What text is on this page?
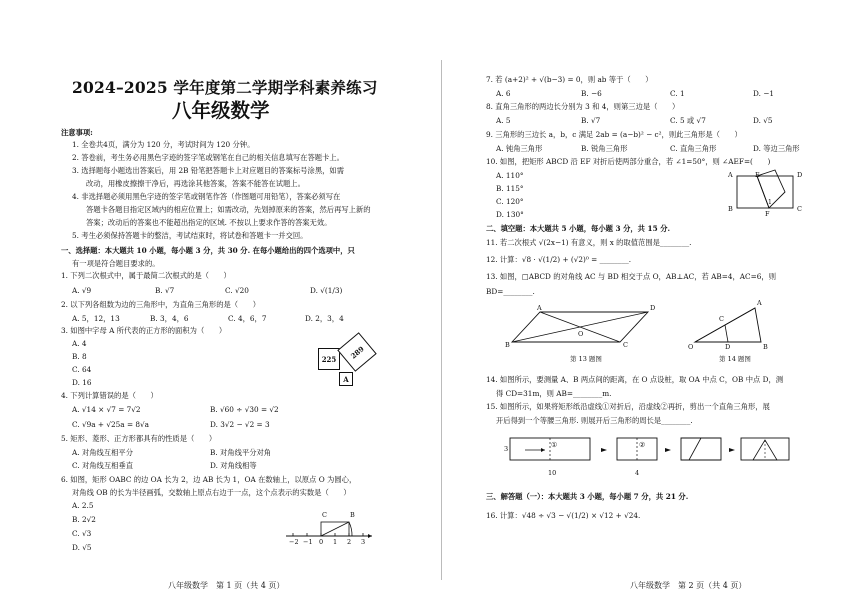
2024–2025 学年度第二学期学科素养练习
八年级数学
注意事项:
1. 全卷共4页，满分为 120 分，考试时间为 120 分钟。
2. 答卷前，考生务必用黑色字迹的签字笔或钢笔在自己的相关信息填写在答题卡上。
3. 选择题每小题选出答案后，用 2B 铅笔把答题卡上对应题目的答案标号涂黑，如需
改动，用橡皮擦擦干净后，再选涂其他答案，答案不能答在试题上。
4. 非选择题必须用黑色字迹的签字笔或钢笔作答（作图题可用铅笔），答案必须写在
答题卡各题目指定区域内的相应位置上；如需改动，先划掉原来的答案，然后再写上新的
答案；改动后的答案也不能超出指定的区域. 不按以上要求作答的答案无效。
5. 考生必须保持答题卡的整洁，考试结束时，将试卷和答题卡一并交回。
一、选择题：本大题共 10 小题，每小题 3 分，共 30 分. 在每小题给出的四个选项中，只
有一项是符合题目要求的。
1. 下列二次根式中，属于最简二次根式的是（　　）
A. √9	B. √7	C. √20	D. √(1/3)
2. 以下列各组数为边的三角形中，为直角三角形的是（　　）
A. 5，12，13	B. 3，4，6	C. 4，6，7	D. 2，3，4
3. 如图中字母 A 所代表的正方形的面积为（　　）
A. 4
B. 8
C. 64
D. 16
225	289
A
4. 下列计算错误的是（　　）
A. √14 × √7 = 7√2	B. √60 ÷ √30 = √2
C. √9a + √25a = 8√a	D. 3√2 − √2 = 3
5. 矩形、菱形、正方形都具有的性质是（　　）
A. 对角线互相平分	B. 对角线平分对角
C. 对角线互相垂直	D. 对角线相等
6. 如图，矩形 OABC 的边 OA 长为 2，边 AB 长为 1，OA 在数轴上，以原点 O 为圆心，
对角线 OB 的长为半径画弧，交数轴上原点右边于一点，这个点表示的实数是（　　）
A. 2.5
B. 2√2
C. √3
D. √5
C	B
−2 −1 0 1 2 3
八年级数学　第 1 页（共 4 页）
7. 若 (a+2)² + √(b−3) = 0，则 ab 等于（　　）
A. 6	B. −6	C. 1	D. −1
8. 直角三角形的两边长分别为 3 和 4，则第三边是（　　）
A. 5	B. √7	C. 5 或 √7	D. √5
9. 三角形的三边长 a，b，c 满足 2ab = (a−b)² − c²，则此三角形是（　　）
A. 钝角三角形	B. 锐角三角形	C. 直角三角形	D. 等边三角形
10. 如图，把矩形 ABCD 沿 EF 对折后使两部分重合，若 ∠1=50°，则 ∠AEF=(　　)
A. 110°
B. 115°
C. 120°
D. 130°
A	E	D
B
F
C
1
二、填空题：本大题共 5 小题，每小题 3 分，共 15 分.
11. 若二次根式 √(2x−1) 有意义，则 x 的取值范围是________.
12. 计算：√8 · √(1/2) + (√2)⁰ = ________.
13. 如图，□ABCD 的对角线 AC 与 BD 相交于点 O，AB⊥AC，若 AB=4，AC=6，则
BD=________.
A	D
O
B	C
第 13 题图
A
O
C
D	B
第 14 题图
14. 如图所示，要测量 A、B 两点间的距离，在 O 点设桩，取 OA 中点 C，OB 中点 D，测
得 CD=31m，则 AB=________m.
15. 如图所示，如果将矩形纸沿虚线①对折后，沿虚线②再折，剪出一个直角三角形，展
开后得到一个等腰三角形. 则展开后三角形的周长是________.
3
10	4
①	②
三、解答题（一）：本大题共 3 小题，每小题 7 分，共 21 分.
16. 计算：√48 ÷ √3 − √(1/2) × √12 + √24.
八年级数学　第 2 页（共 4 页）
